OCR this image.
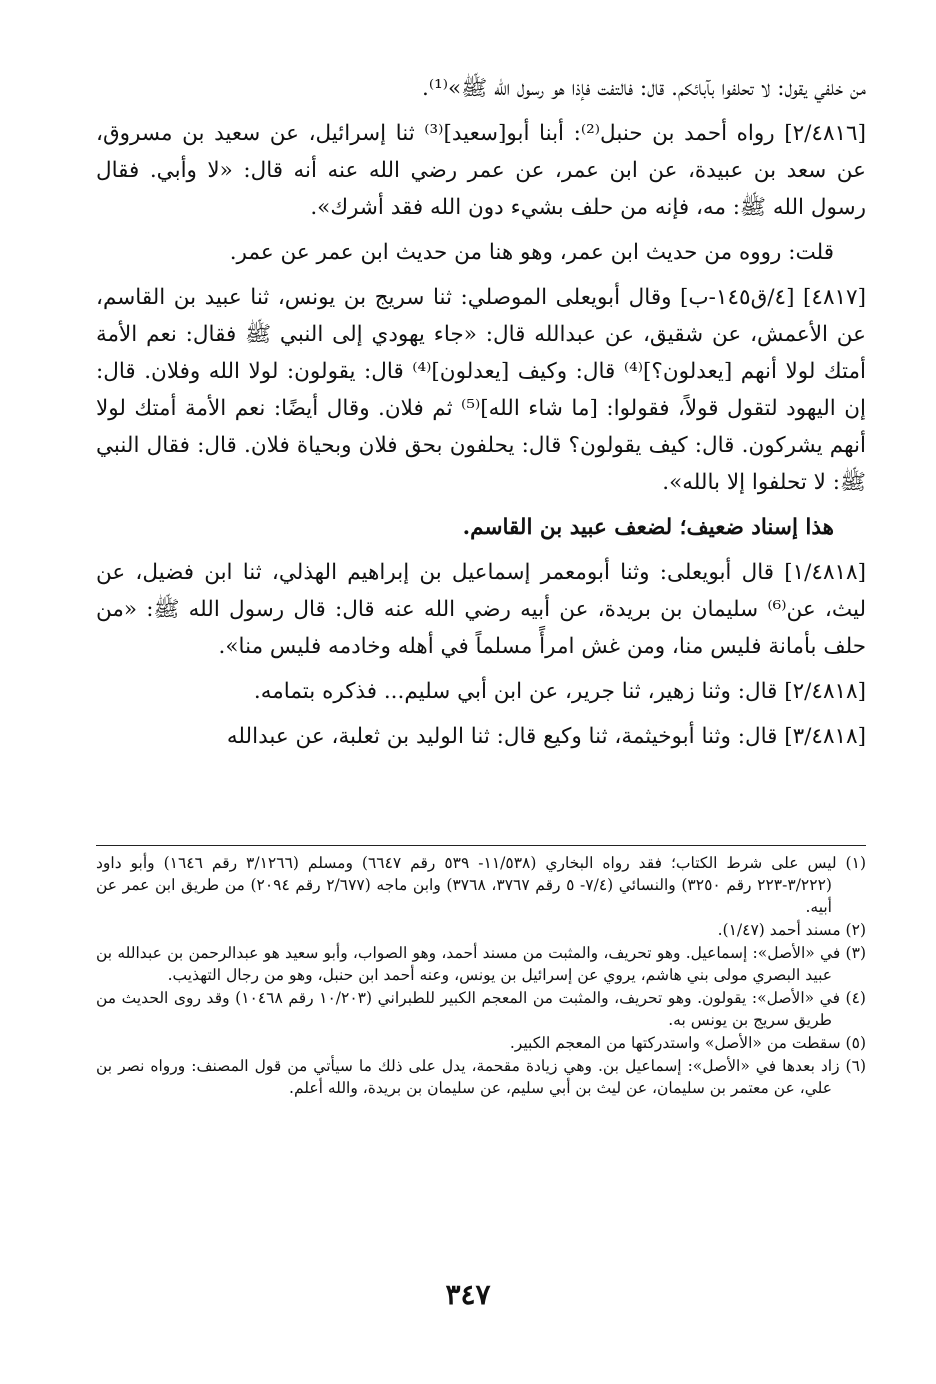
من خلفي يقول: لا تحلفوا بآبائكم. قال: فالتفت فإذا هو رسول الله ﷺ»⁽¹⁾.

[٢/٤٨١٦] رواه أحمد بن حنبل⁽²⁾: أبنا أبو[سعيد]⁽³⁾ ثنا إسرائيل، عن سعيد بن مسروق، عن سعد بن عبيدة، عن ابن عمر، عن عمر رضي الله عنه أنه قال: «لا وأبي. فقال رسول الله ﷺ: مه، فإنه من حلف بشيء دون الله فقد أشرك».

قلت: رووه من حديث ابن عمر، وهو هنا من حديث ابن عمر عن عمر.

[٤٨١٧] [٤/ق١٤٥-ب] وقال أبويعلى الموصلي: ثنا سريج بن يونس، ثنا عبيد بن القاسم، عن الأعمش، عن شقيق، عن عبدالله قال: «جاء يهودي إلى النبي ﷺ فقال: نعم الأمة أمتك لولا أنهم [يعدلون؟]⁽⁴⁾ قال: وكيف [يعدلون]⁽⁴⁾ قال: يقولون: لولا الله وفلان. قال: إن اليهود لتقول قولاً، فقولوا: [ما شاء الله]⁽⁵⁾ ثم فلان. وقال أيضًا: نعم الأمة أمتك لولا أنهم يشركون. قال: كيف يقولون؟ قال: يحلفون بحق فلان وبحياة فلان. قال: فقال النبي ﷺ: لا تحلفوا إلا بالله».

هذا إسناد ضعيف؛ لضعف عبيد بن القاسم.

[١/٤٨١٨] قال أبويعلى: وثنا أبومعمر إسماعيل بن إبراهيم الهذلي، ثنا ابن فضيل، عن ليث، عن⁽⁶⁾ سليمان بن بريدة، عن أبيه رضي الله عنه قال: قال رسول الله ﷺ: «من حلف بأمانة فليس منا، ومن غش امرأً مسلماً في أهله وخادمه فليس منا».

[٢/٤٨١٨] قال: وثنا زهير، ثنا جرير، عن ابن أبي سليم... فذكره بتمامه.

[٣/٤٨١٨] قال: وثنا أبوخيثمة، ثنا وكيع قال: ثنا الوليد بن ثعلبة، عن عبدالله

(١) ليس على شرط الكتاب؛ فقد رواه البخاري (١١/٥٣٨- ٥٣٩ رقم ٦٦٤٧) ومسلم (٣/١٢٦٦ رقم ١٦٤٦) وأبو داود (٣/٢٢٢-٢٢٣ رقم ٣٢٥٠) والنسائي (٧/٤- ٥ رقم ٣٧٦٧، ٣٧٦٨) وابن ماجه (٢/٦٧٧ رقم ٢٠٩٤) من طريق ابن عمر عن أبيه.

(٢) مسند أحمد (١/٤٧).

(٣) في «الأصل»: إسماعيل. وهو تحريف، والمثبت من مسند أحمد، وهو الصواب، وأبو سعيد هو عبدالرحمن بن عبدالله بن عبيد البصري مولى بني هاشم، يروي عن إسرائيل بن يونس، وعنه أحمد ابن حنبل، وهو من رجال التهذيب.

(٤) في «الأصل»: يقولون. وهو تحريف، والمثبت من المعجم الكبير للطبراني (١٠/٢٠٣ رقم ١٠٤٦٨) وقد روى الحديث من طريق سريج بن يونس به.

(٥) سقطت من «الأصل» واستدركتها من المعجم الكبير.

(٦) زاد بعدها في «الأصل»: إسماعيل بن. وهي زيادة مقحمة، يدل على ذلك ما سيأتي من قول المصنف: ورواه نصر بن علي، عن معتمر بن سليمان، عن ليث بن أبي سليم، عن سليمان بن بريدة، والله أعلم.

٣٤٧
